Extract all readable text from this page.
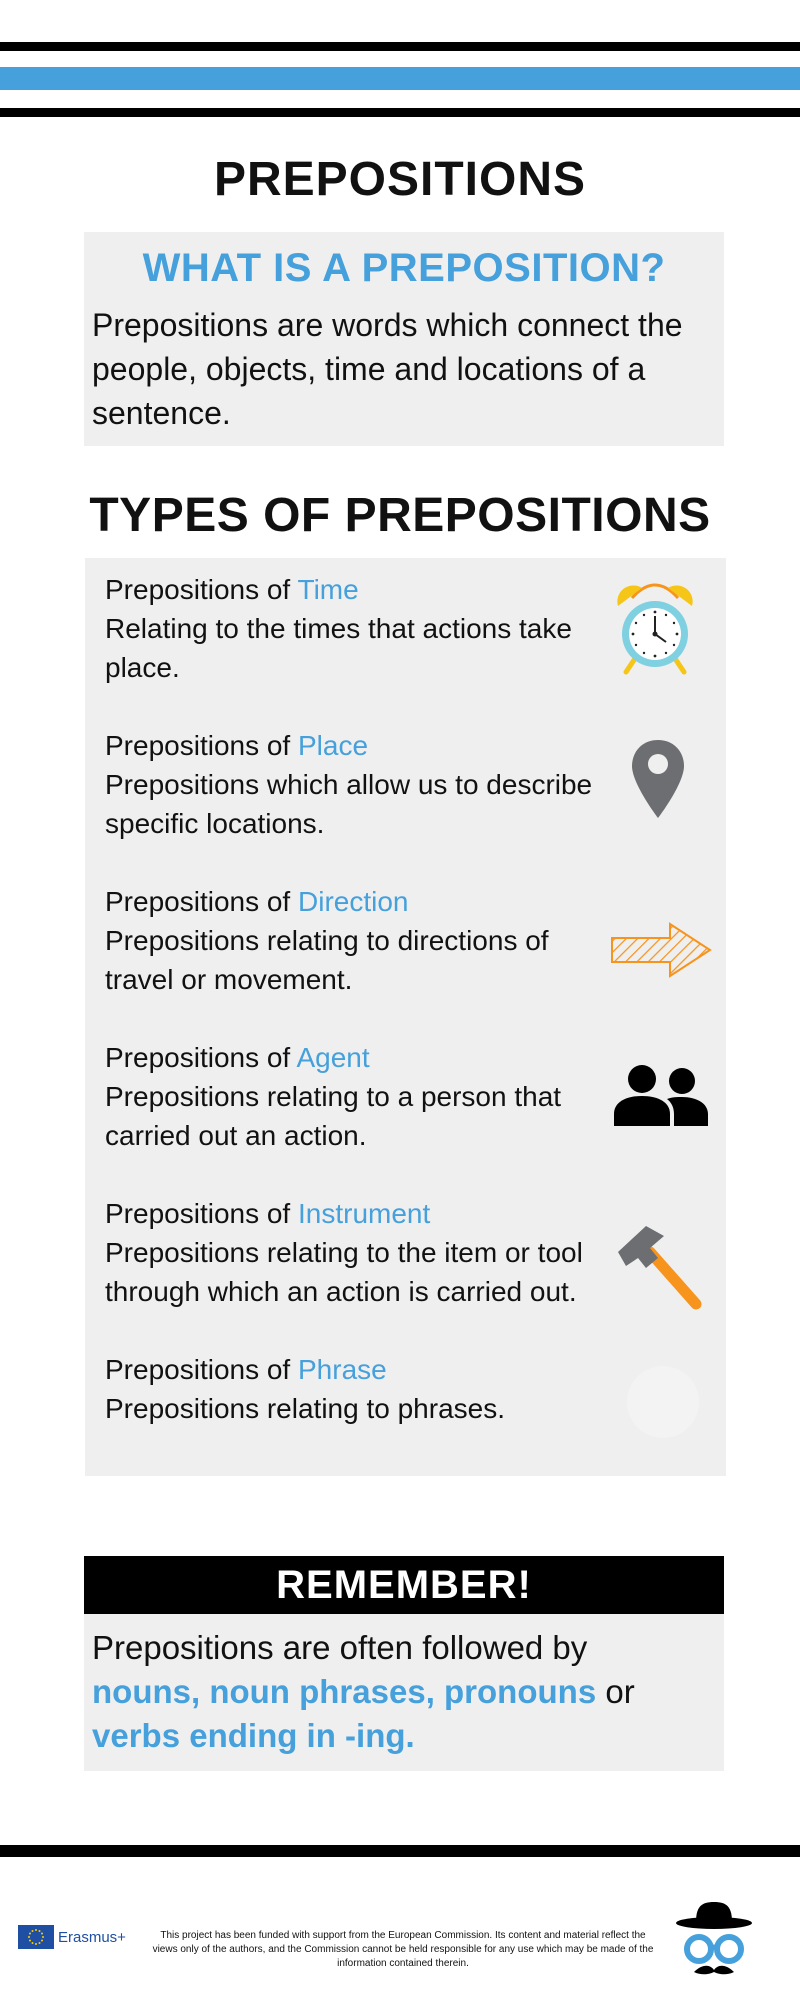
PREPOSITIONS
WHAT IS A PREPOSITION?

Prepositions are words which connect the people, objects, time and locations of a sentence.

TYPES OF PREPOSITIONS
Prepositions of Time
Relating to the times that actions take place.
Prepositions of Place
Prepositions which allow us to describe specific locations.
Prepositions of Direction
Prepositions relating to directions of travel or movement.
Prepositions of Agent
Prepositions relating to a person that carried out an action.
Prepositions of Instrument
Prepositions relating to the item or tool through which an action is carried out.
Prepositions of Phrase
Prepositions relating to phrases.
REMEMBER!

Prepositions are often followed by
nouns, noun phrases, pronouns or
verbs ending in -ing.

Erasmus+	This project has been funded with support from the European Commission. Its content and material reflect the views only of the authors, and the Commission cannot be held responsible for any use which may be made of the information contained therein.
